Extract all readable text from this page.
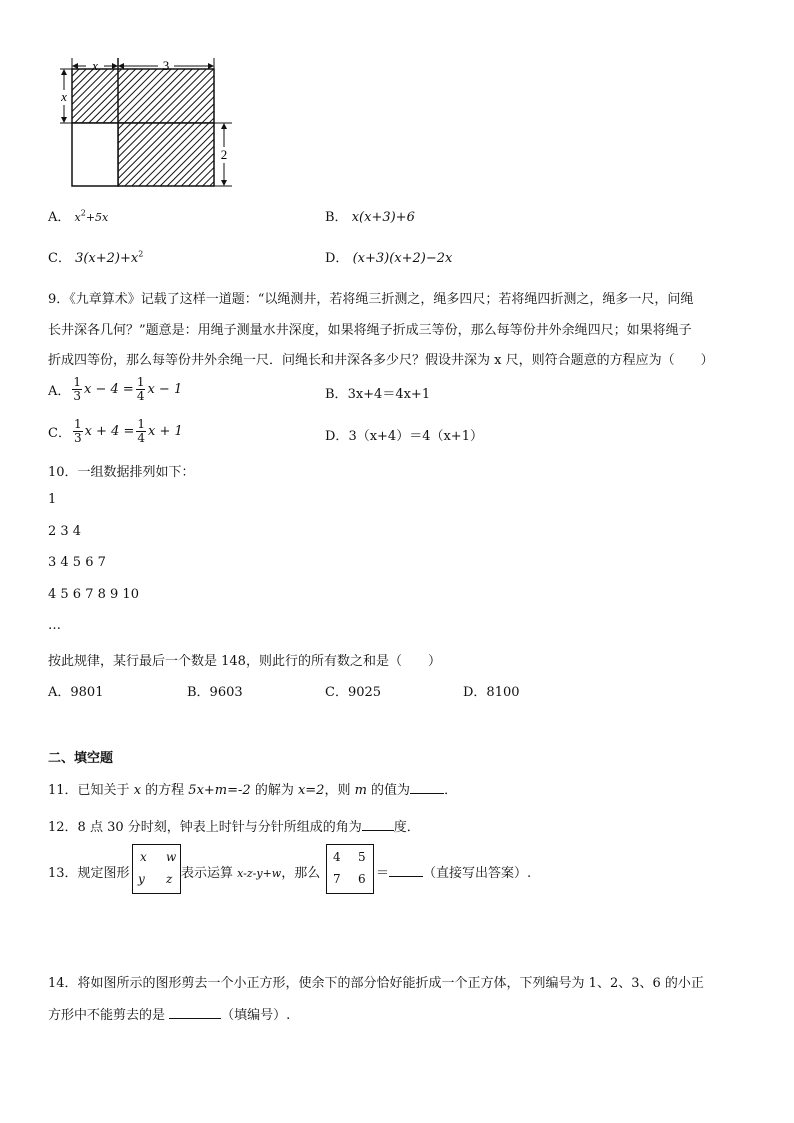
x	3
x
2
A． $x^2+5x$	B． x(x+3)+6
C． $3(x+2)+x^2$	D． (x+3)(x+2)−2x
9．《九章算术》记载了这样一道题：“以绳测井，若将绳三折测之，绳多四尺；若将绳四折测之，绳多一尺，问绳
长井深各几何？”题意是：用绳子测量水井深度，如果将绳子折成三等份，那么每等份井外余绳四尺；如果将绳子
折成四等份，那么每等份井外余绳一尺．问绳长和井深各多少尺？假设井深为 x 尺，则符合题意的方程应为（　　）
A． $\frac{1}{3}$ $x - 4 = \frac{1}{4}$ x − 1	B．3x+4＝4x+1
C． $\frac{1}{3}$ $x + 4 = \frac{1}{4}$ x + 1	D．3（x+4）＝4（x+1）
10．一组数据排列如下：
1
2 3 4
3 4 5 6 7
4 5 6 7 8 9 10
…
按此规律，某行最后一个数是 148，则此行的所有数之和是（　　）
A．9801	B．9603	C．9025	D．8100
二、填空题
11．已知关于 x 的方程 5x+m=-2 的解为 x=2，则 m 的值为	．
12．8 点 30 分时刻，钟表上时针与分针所组成的角为 度．
13．规定图形
x w
y z 表示运算 x-z-y+w，那么
4 5
7 6 ＝	（直接写出答案）.
14．将如图所示的图形剪去一个小正方形，使余下的部分恰好能折成一个正方体，下列编号为 1、2、3、6 的小正
方形中不能剪去的是	（填编号）.
